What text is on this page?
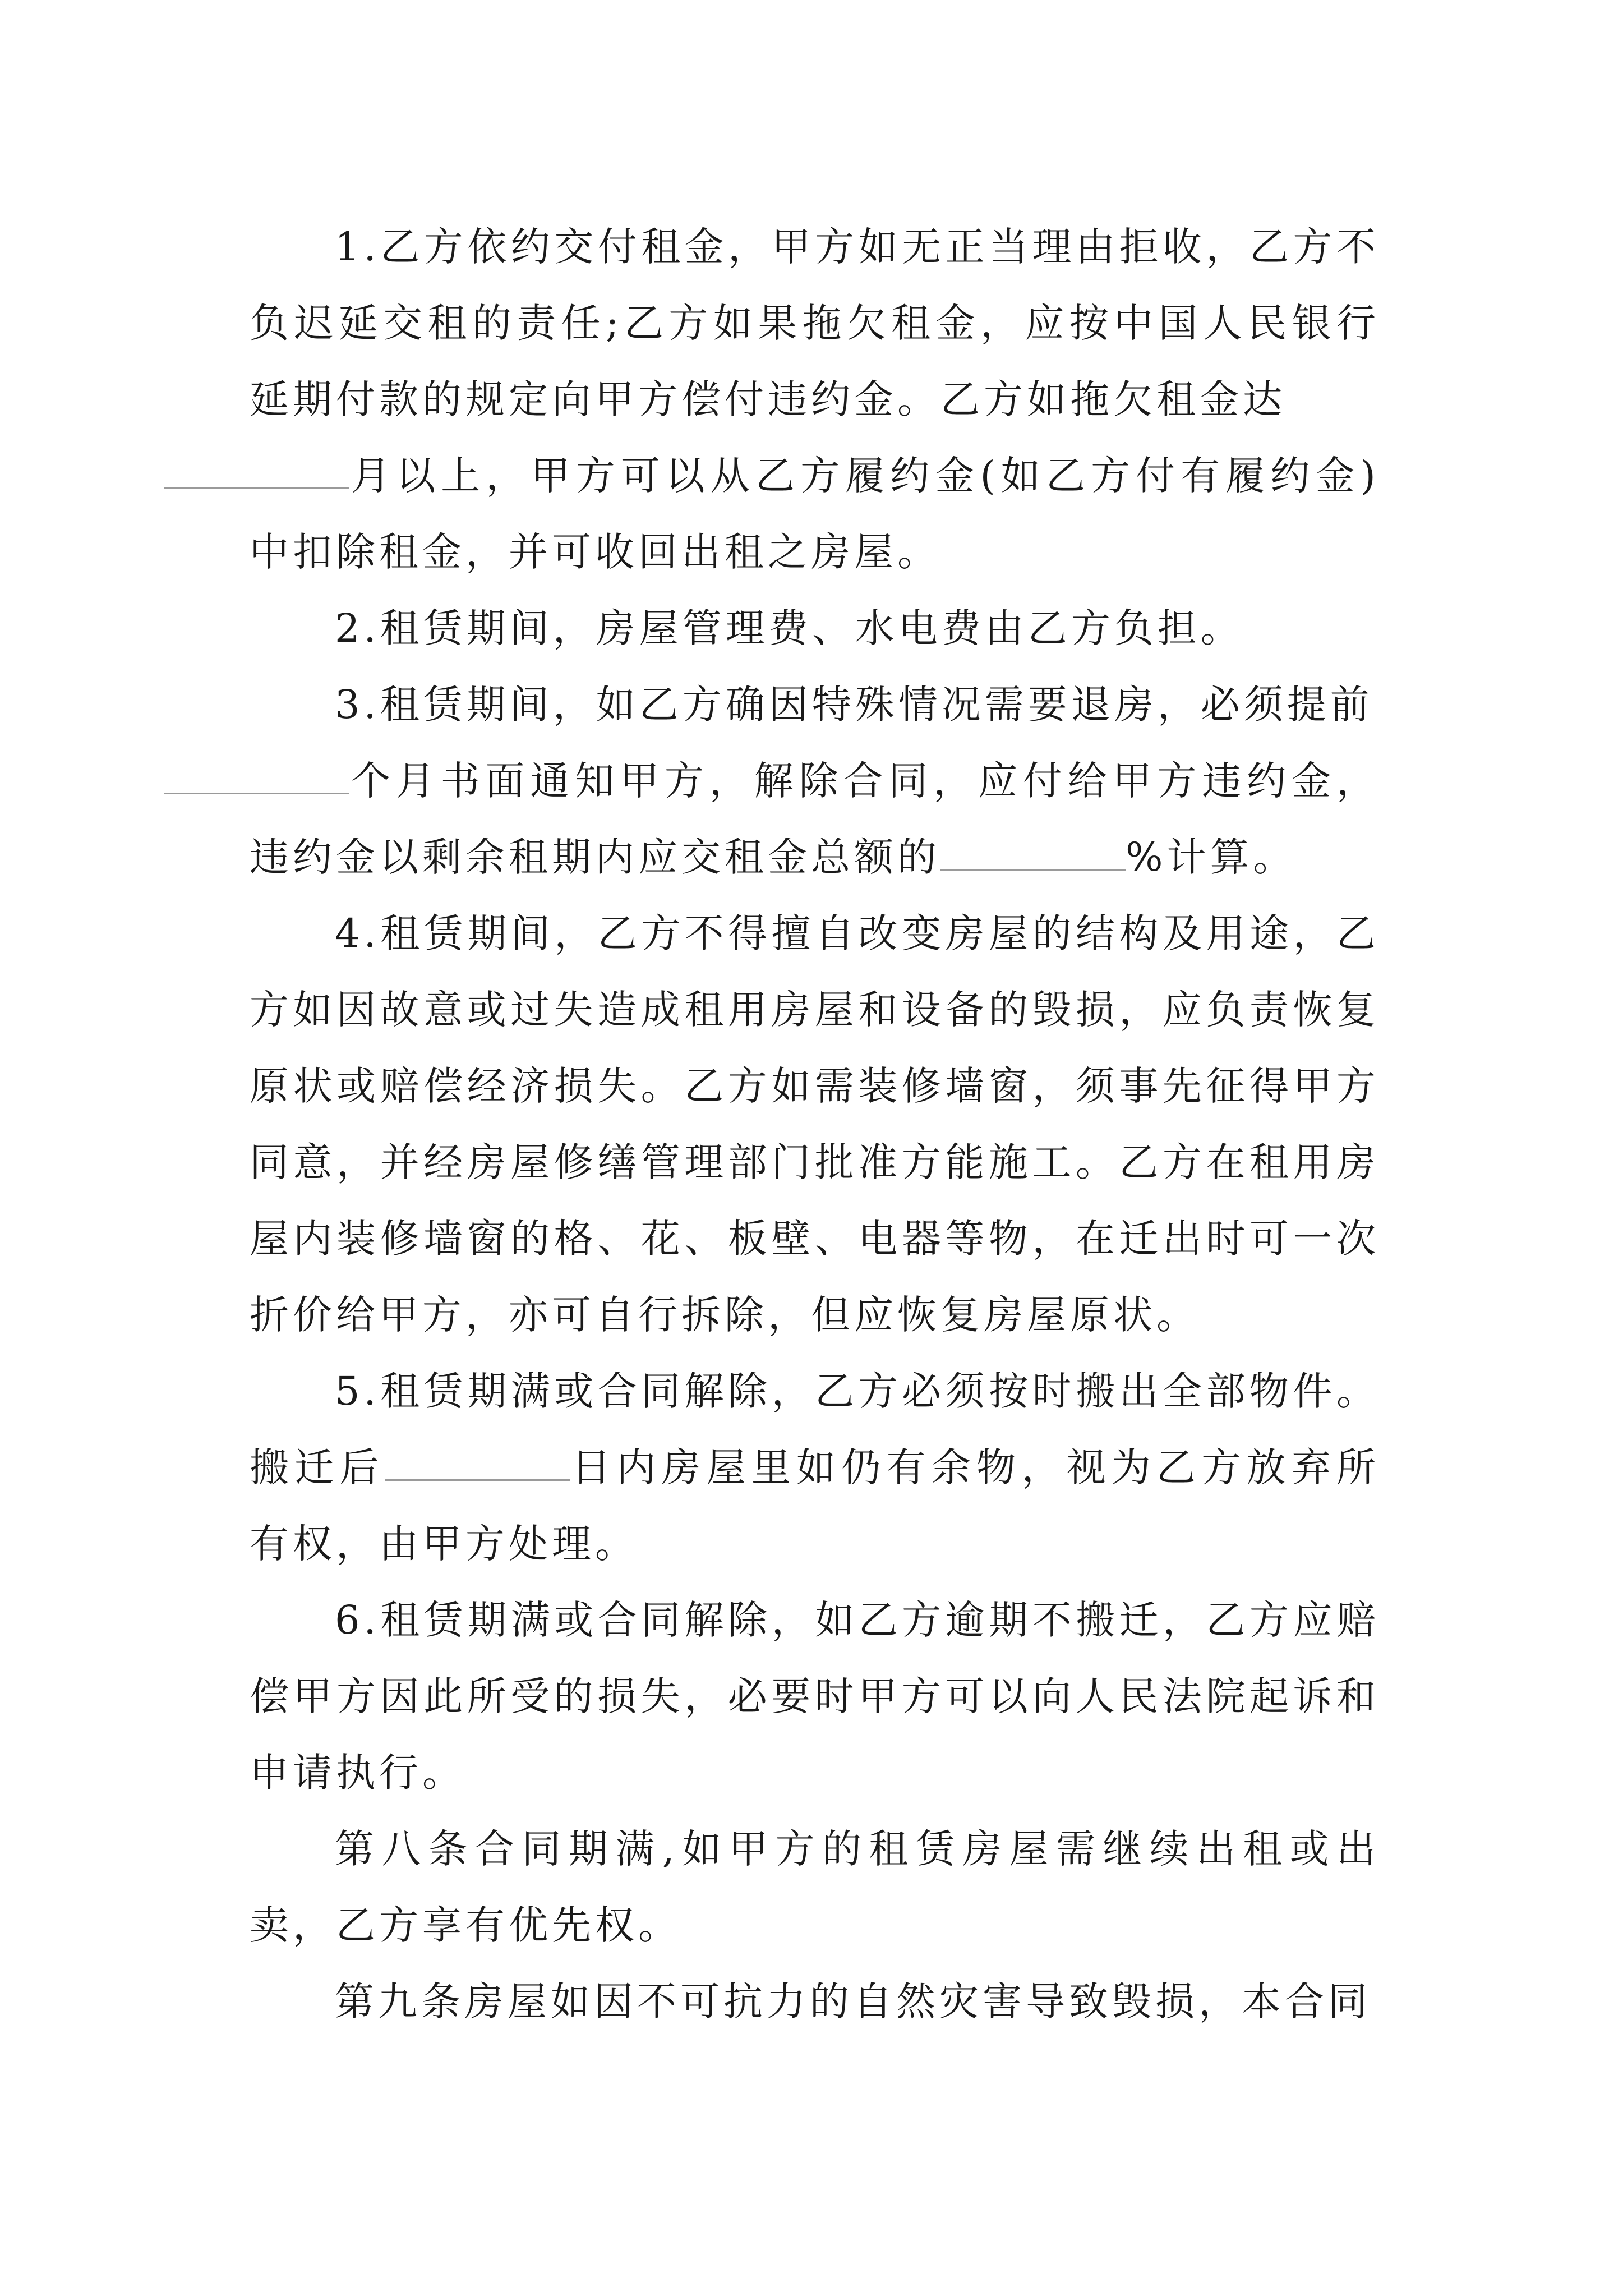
1.乙方依约交付租金，甲方如无正当理由拒收，乙方不负迟延交租的责任;乙方如果拖欠租金，应按中国人民银行延期付款的规定向甲方偿付违约金。乙方如拖欠租金达
月以上，甲方可以从乙方履约金(如乙方付有履约金)中扣除租金，并可收回出租之房屋。

2.租赁期间，房屋管理费、水电费由乙方负担。

3.租赁期间，如乙方确因特殊情况需要退房，必须提前
个月书面通知甲方，解除合同，应付给甲方违约金，违约金以剩余租期内应交租金总额的	%计算。

4.租赁期间，乙方不得擅自改变房屋的结构及用途，乙方如因故意或过失造成租用房屋和设备的毁损，应负责恢复原状或赔偿经济损失。乙方如需装修墙窗，须事先征得甲方同意，并经房屋修缮管理部门批准方能施工。乙方在租用房屋内装修墙窗的格、花、板壁、电器等物，在迁出时可一次折价给甲方，亦可自行拆除，但应恢复房屋原状。

5.租赁期满或合同解除，乙方必须按时搬出全部物件。搬迁后	日内房屋里如仍有余物，视为乙方放弃所有权，由甲方处理。

6.租赁期满或合同解除，如乙方逾期不搬迁，乙方应赔偿甲方因此所受的损失，必要时甲方可以向人民法院起诉和申请执行。

第八条合同期满,如甲方的租赁房屋需继续出租或出卖，乙方享有优先权。

第九条房屋如因不可抗力的自然灾害导致毁损，本合同
